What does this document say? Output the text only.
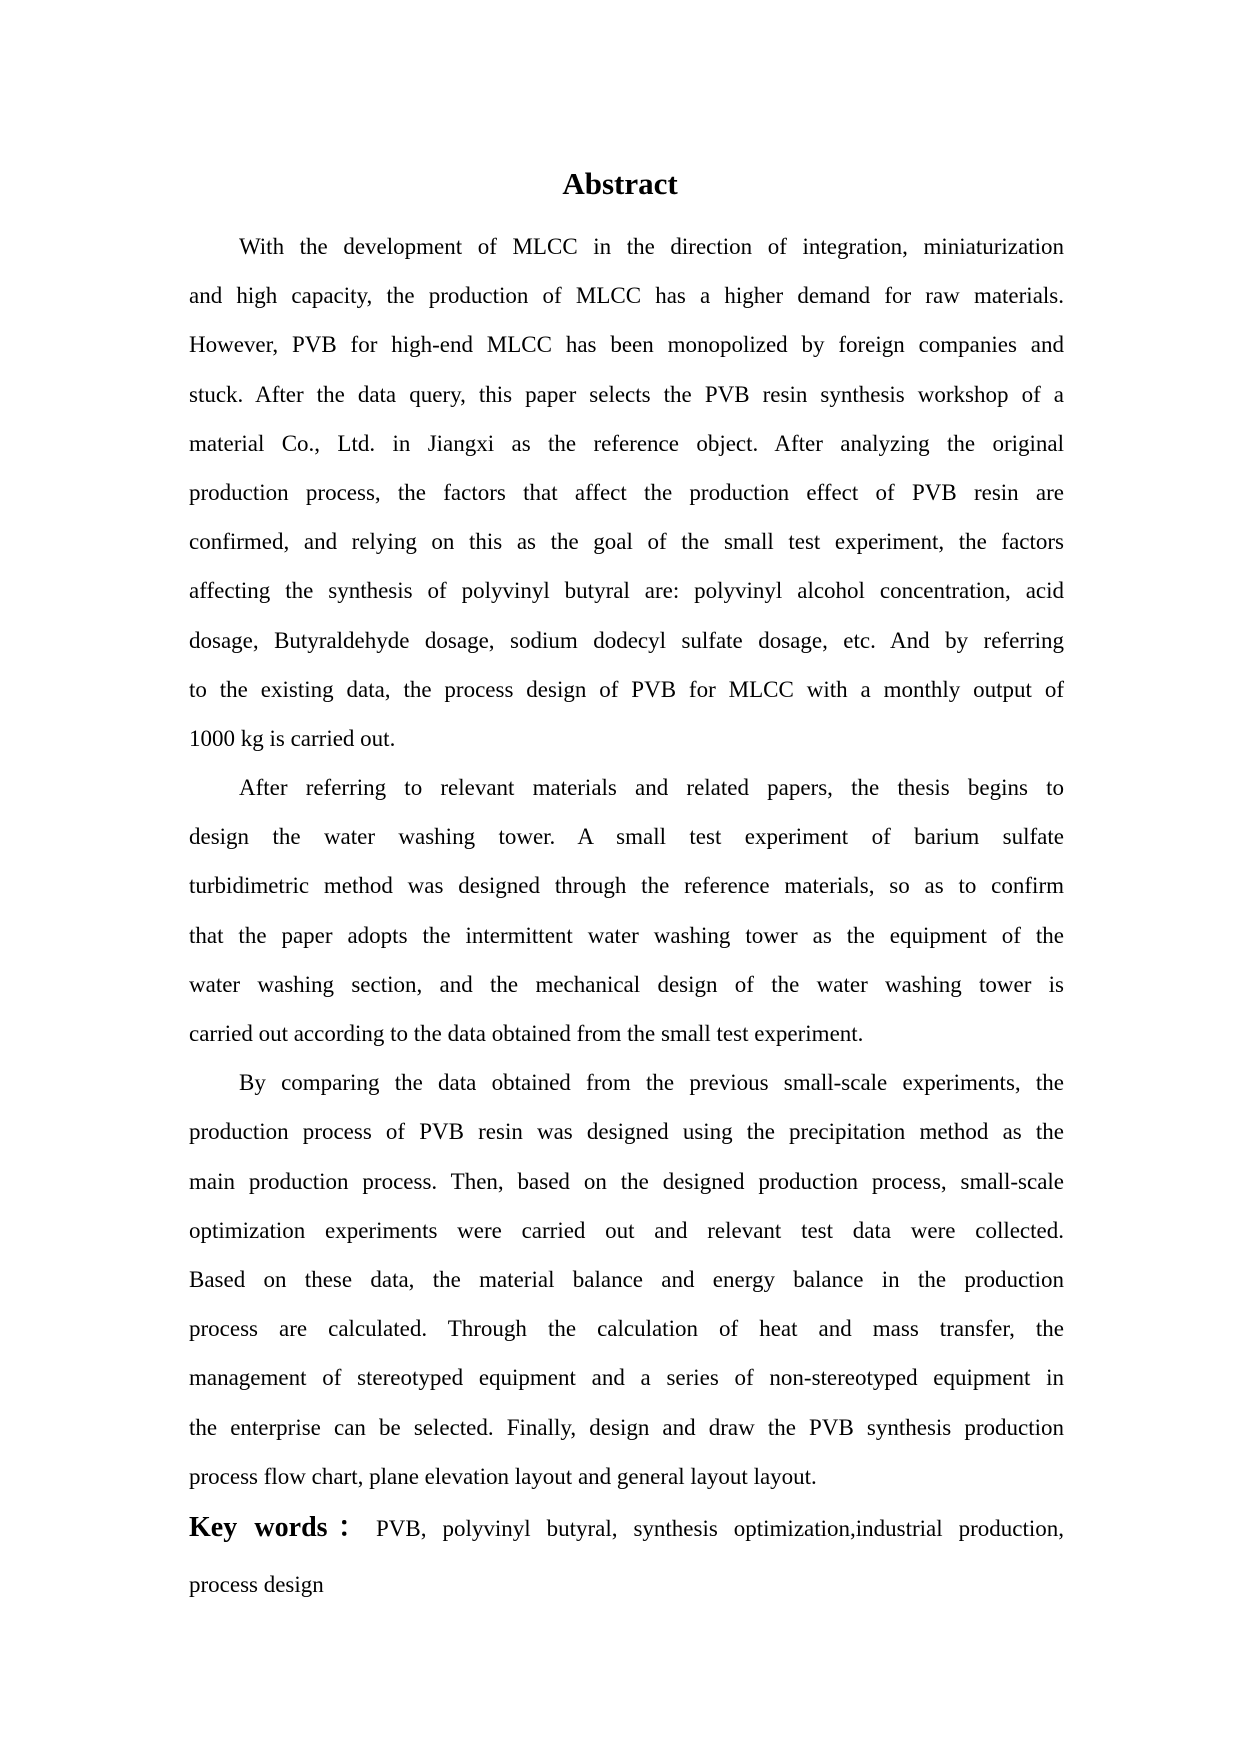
Abstract
With the development of MLCC in the direction of integration, miniaturization
and high capacity, the production of MLCC has a higher demand for raw materials.
However, PVB for high-end MLCC has been monopolized by foreign companies and
stuck. After the data query, this paper selects the PVB resin synthesis workshop of a
material Co., Ltd. in Jiangxi as the reference object. After analyzing the original
production process, the factors that affect the production effect of PVB resin are
confirmed, and relying on this as the goal of the small test experiment, the factors
affecting the synthesis of polyvinyl butyral are: polyvinyl alcohol concentration, acid
dosage, Butyraldehyde dosage, sodium dodecyl sulfate dosage, etc. And by referring
to the existing data, the process design of PVB for MLCC with a monthly output of
1000 kg is carried out.
After referring to relevant materials and related papers, the thesis begins to
design the water washing tower. A small test experiment of barium sulfate
turbidimetric method was designed through the reference materials, so as to confirm
that the paper adopts the intermittent water washing tower as the equipment of the
water washing section, and the mechanical design of the water washing tower is
carried out according to the data obtained from the small test experiment.
By comparing the data obtained from the previous small-scale experiments, the
production process of PVB resin was designed using the precipitation method as the
main production process. Then, based on the designed production process, small-scale
optimization experiments were carried out and relevant test data were collected.
Based on these data, the material balance and energy balance in the production
process are calculated. Through the calculation of heat and mass transfer, the
management of stereotyped equipment and a series of non-stereotyped equipment in
the enterprise can be selected. Finally, design and draw the PVB synthesis production
process flow chart, plane elevation layout and general layout layout.
Key words：PVB, polyvinyl butyral, synthesis optimization,industrial production,
process design
